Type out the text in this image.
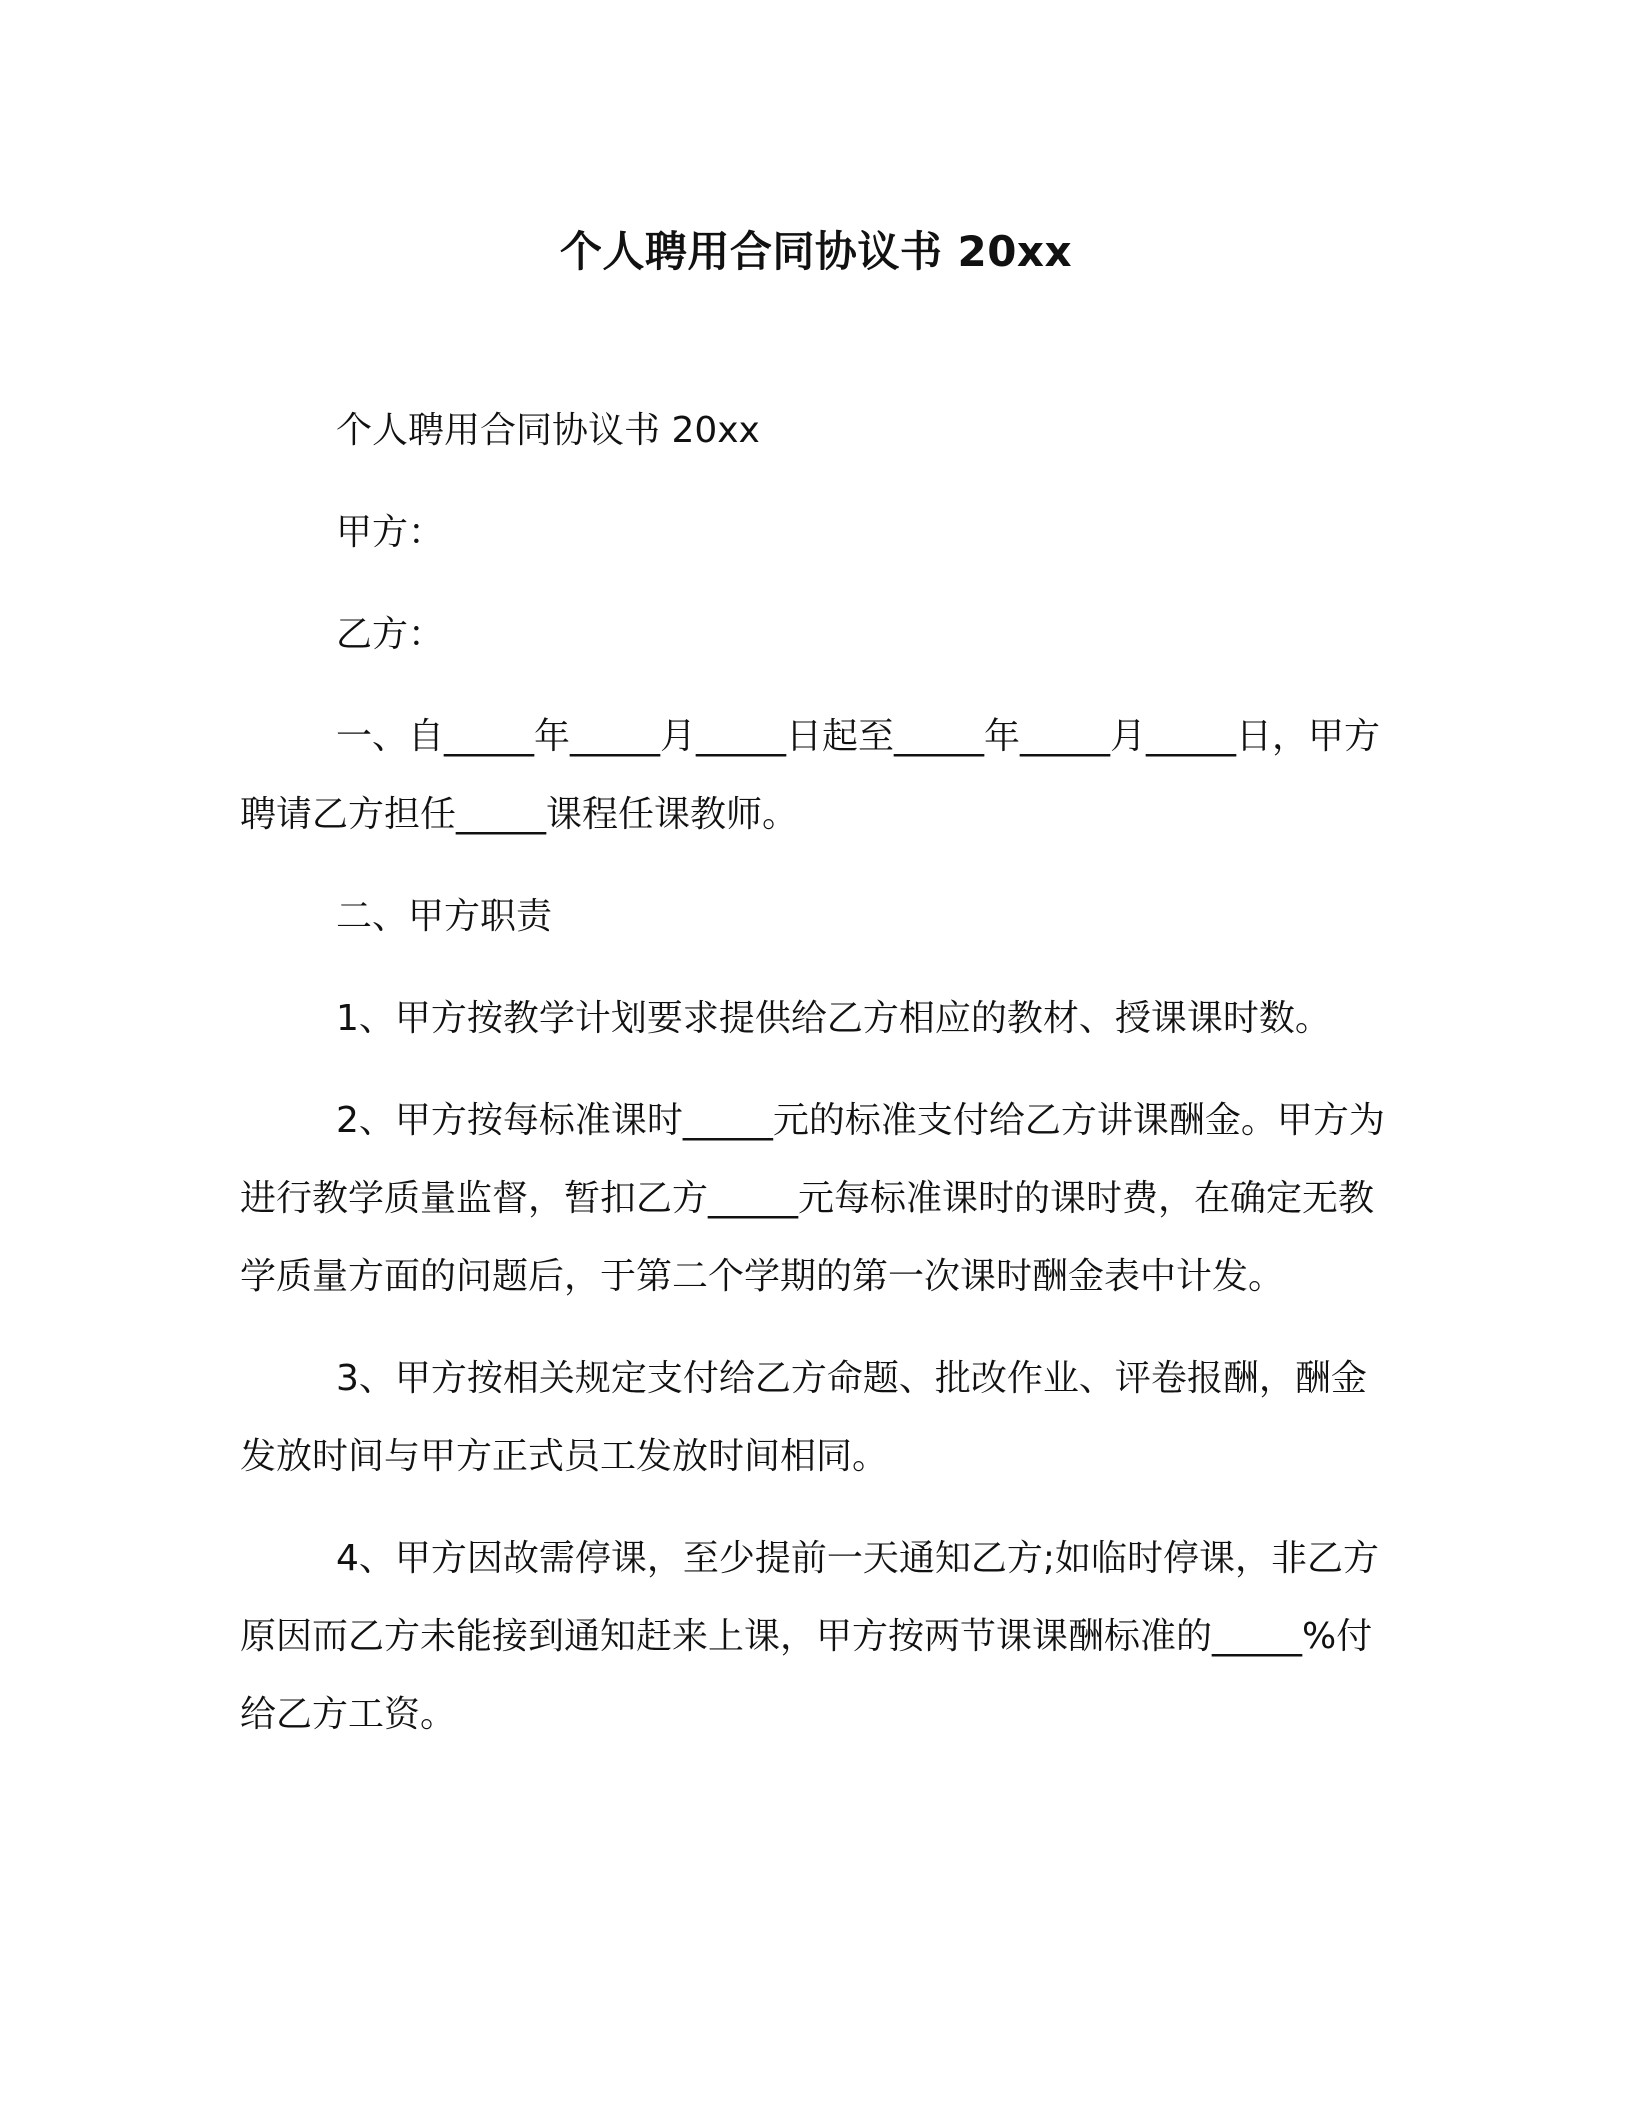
个人聘用合同协议书 20xx

个人聘用合同协议书 20xx

甲方：

乙方：

一、自_____年_____月_____日起至_____年_____月_____日，甲方聘请乙方担任_____课程任课教师。

二、甲方职责

1、甲方按教学计划要求提供给乙方相应的教材、授课课时数。

2、甲方按每标准课时_____元的标准支付给乙方讲课酬金。甲方为进行教学质量监督，暂扣乙方_____元每标准课时的课时费，在确定无教学质量方面的问题后，于第二个学期的第一次课时酬金表中计发。

3、甲方按相关规定支付给乙方命题、批改作业、评卷报酬，酬金发放时间与甲方正式员工发放时间相同。

4、甲方因故需停课，至少提前一天通知乙方;如临时停课，非乙方原因而乙方未能接到通知赶来上课，甲方按两节课课酬标准的_____%付给乙方工资。
